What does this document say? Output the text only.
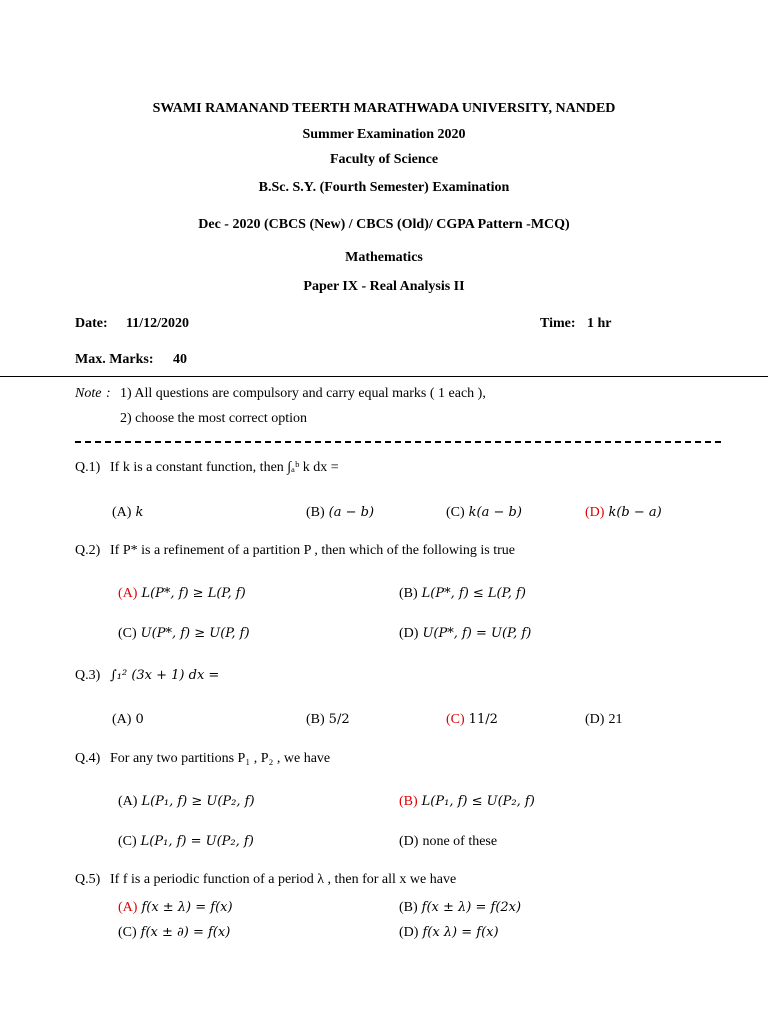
SWAMI RAMANAND TEERTH MARATHWADA UNIVERSITY, NANDED
Summer Examination 2020
Faculty of Science
B.Sc. S.Y. (Fourth Semester) Examination
Dec - 2020 (CBCS (New) / CBCS (Old)/ CGPA Pattern -MCQ)
Mathematics
Paper IX - Real Analysis II
Date: 11/12/2020	Time: 1 hr
Max. Marks: 40
Note : 1) All questions are compulsory and carry equal marks ( 1 each ),
2) choose the most correct option
Q.1) If k is a constant function, then ∫ₐᵇ k dx =
(A) k	(B) (a − b)	(C) k(a − b)	(D) k(b − a)
Q.2) If P* is a refinement of a partition P , then which of the following is true
(A) L(P*, f) ≥ L(P, f)	(B) L(P*, f) ≤ L(P, f)
(C) U(P*, f) ≥ U(P, f)	(D) U(P*, f) = U(P, f)
Q.3) ∫₁² (3x + 1) dx =
(A) 0	(B) 5/2	(C) 11/2	(D) 21
Q.4) For any two partitions P₁ , P₂ , we have
(A) L(P₁, f) ≥ U(P₂, f)	(B) L(P₁, f) ≤ U(P₂, f)
(C) L(P₁, f) = U(P₂, f)	(D) none of these
Q.5) If f is a periodic function of a period λ , then for all x we have
(A) f(x ± λ) = f(x)	(B) f(x ± λ) = f(2x)
(C) f(x ± ∂) = f(x)	(D) f(x λ) = f(x)
